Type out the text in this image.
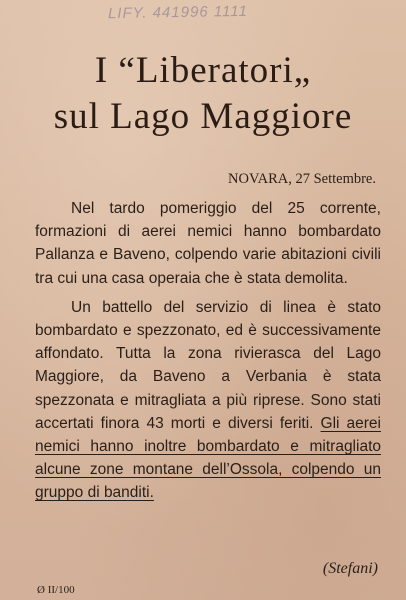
LIFY. 441996 1111
I “Liberatori„
sul Lago Maggiore
NOVARA, 27 Settembre.

Nel tardo pomeriggio del 25 corrente, formazioni di aerei nemici hanno bombardato Pallanza e Baveno, colpendo varie abitazioni civili tra cui una casa operaia che è stata demolita.

Un battello del servizio di linea è stato bombardato e spezzonato, ed è successivamente affondato. Tutta la zona rivierasca del Lago Maggiore, da Baveno a Verbania è stata spezzonata e mitragliata a più riprese. Sono stati accertati finora 43 morti e diversi feriti. Gli aerei nemici hanno inoltre bombardato e mitragliato alcune zone montane dell’Ossola, colpendo un gruppo di banditi.

(Stefani)
Ø II/100
